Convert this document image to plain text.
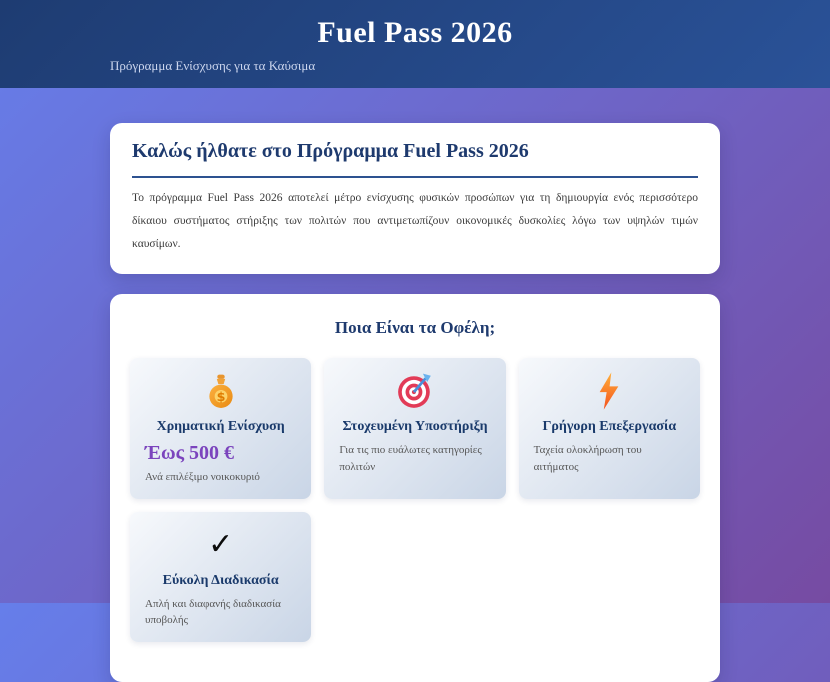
Fuel Pass 2026

Πρόγραμμα Ενίσχυσης για τα Καύσιμα

Καλώς ήλθατε στο Πρόγραμμα Fuel Pass 2026

Το πρόγραμμα Fuel Pass 2026 αποτελεί μέτρο ενίσχυσης φυσικών προσώπων για τη δημιουργία ενός περισσότερο δίκαιου συστήματος στήριξης των πολιτών που αντιμετωπίζουν οικονομικές δυσκολίες λόγω των υψηλών τιμών καυσίμων.

Ποια Είναι τα Οφέλη;
$
Χρηματική Ενίσχυση

Έως 500 €

Ανά επιλέξιμο νοικοκυριό

Στοχευμένη Υποστήριξη

Για τις πιο ευάλωτες κατηγορίες πολιτών

Γρήγορη Επεξεργασία

Ταχεία ολοκλήρωση του αιτήματος

✓
Εύκολη Διαδικασία

Απλή και διαφανής διαδικασία υποβολής
